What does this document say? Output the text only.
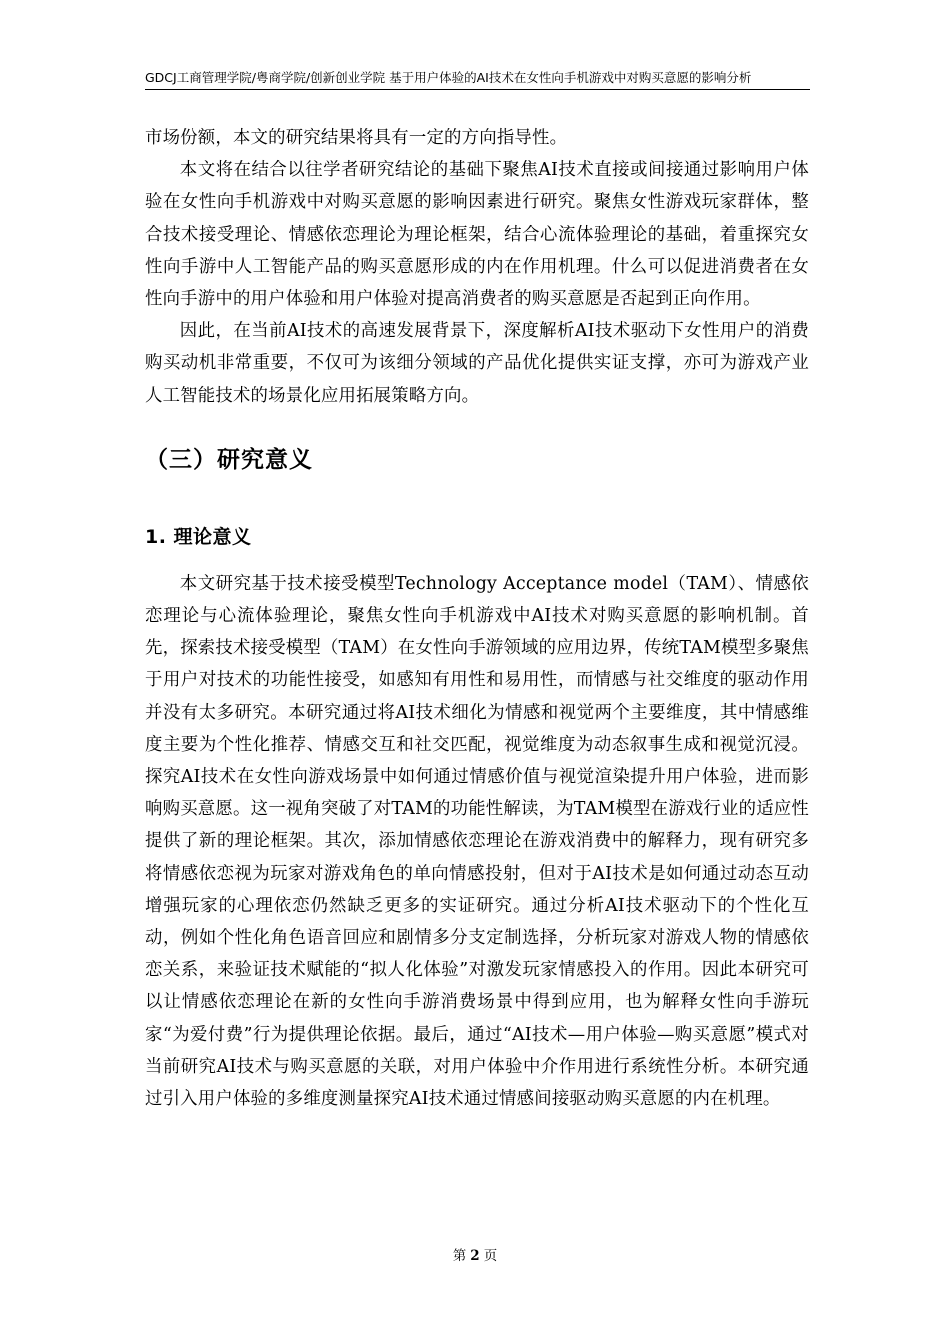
GDCJ工商管理学院/粤商学院/创新创业学院 基于用户体验的AI技术在女性向手机游戏中对购买意愿的影响分析

市场份额，本文的研究结果将具有一定的方向指导性。

本文将在结合以往学者研究结论的基础下聚焦AI技术直接或间接通过影响用户体验在女性向手机游戏中对购买意愿的影响因素进行研究。聚焦女性游戏玩家群体，整合技术接受理论、情感依恋理论为理论框架，结合心流体验理论的基础，着重探究女性向手游中人工智能产品的购买意愿形成的内在作用机理。什么可以促进消费者在女性向手游中的用户体验和用户体验对提高消费者的购买意愿是否起到正向作用。

因此，在当前AI技术的高速发展背景下，深度解析AI技术驱动下女性用户的消费购买动机非常重要，不仅可为该细分领域的产品优化提供实证支撑，亦可为游戏产业人工智能技术的场景化应用拓展策略方向。

（三）研究意义
1. 理论意义

本文研究基于技术接受模型Technology Acceptance model（TAM）、情感依恋理论与心流体验理论，聚焦女性向手机游戏中AI技术对购买意愿的影响机制。首先，探索技术接受模型（TAM）在女性向手游领域的应用边界，传统TAM模型多聚焦于用户对技术的功能性接受，如感知有用性和易用性，而情感与社交维度的驱动作用并没有太多研究。本研究通过将AI技术细化为情感和视觉两个主要维度，其中情感维度主要为个性化推荐、情感交互和社交匹配，视觉维度为动态叙事生成和视觉沉浸。探究AI技术在女性向游戏场景中如何通过情感价值与视觉渲染提升用户体验，进而影响购买意愿。这一视角突破了对TAM的功能性解读，为TAM模型在游戏行业的适应性提供了新的理论框架。其次，添加情感依恋理论在游戏消费中的解释力，现有研究多将情感依恋视为玩家对游戏角色的单向情感投射，但对于AI技术是如何通过动态互动增强玩家的心理依恋仍然缺乏更多的实证研究。通过分析AI技术驱动下的个性化互动，例如个性化角色语音回应和剧情多分支定制选择，分析玩家对游戏人物的情感依恋关系，来验证技术赋能的“拟人化体验”对激发玩家情感投入的作用。因此本研究可以让情感依恋理论在新的女性向手游消费场景中得到应用，也为解释女性向手游玩家“为爱付费”行为提供理论依据。最后，通过“AI技术—用户体验—购买意愿”模式对当前研究AI技术与购买意愿的关联，对用户体验中介作用进行系统性分析。本研究通过引入用户体验的多维度测量探究AI技术通过情感间接驱动购买意愿的内在机理。

第 2 页
